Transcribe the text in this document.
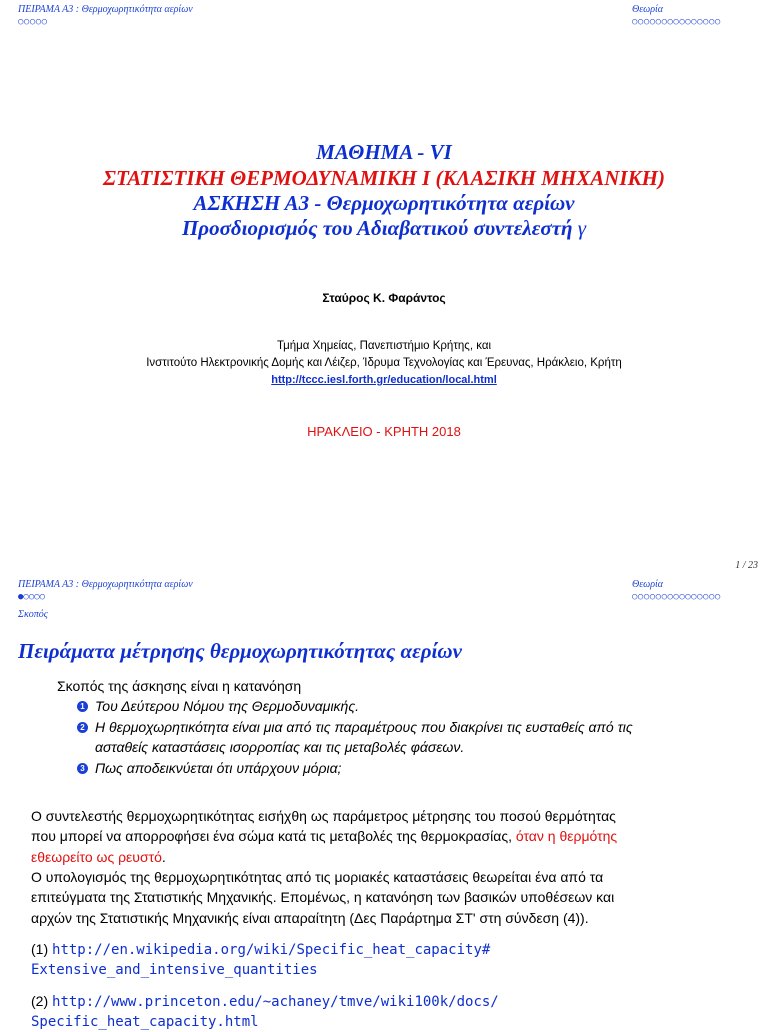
ΠΕΙΡΑΜΑ Α3 : Θερμοχωρητικότητα αερίων
○○○○○
Θεωρία
○○○○○○○○○○○○○○○
ΜΑΘΗΜΑ - VI
ΣΤΑΤΙΣΤΙΚΗ ΘΕΡΜΟΔΥΝΑΜΙΚΗ Ι (ΚΛΑΣΙΚΗ ΜΗΧΑΝΙΚΗ)
ΑΣΚΗΣΗ Α3 - Θερμοχωρητικότητα αερίων
Προσδιορισμός του Αδιαβατικού συντελεστή γ
Σταύρος Κ. Φαράντος
Τμήμα Χημείας, Πανεπιστήμιο Κρήτης, και
Ινστιτούτο Ηλεκτρονικής Δομής και Λέιζερ, Ίδρυμα Τεχνολογίας και Έρευνας, Ηράκλειο, Κρήτη
http://tccc.iesl.forth.gr/education/local.html
ΗΡΑΚΛΕΙΟ - ΚΡΗΤΗ 2018
1 / 23
ΠΕΙΡΑΜΑ Α3 : Θερμοχωρητικότητα αερίων
●○○○○
Θεωρία
○○○○○○○○○○○○○○○
Σκοπός
Πειράματα μέτρησης θερμοχωρητικότητας αερίων
Σκοπός της άσκησης είναι η κατανόηση
1 Του Δεύτερου Νόμου της Θερμοδυναμικής.
2 Η θερμοχωρητικότητα είναι μια από τις παραμέτρους που διακρίνει τις ευσταθείς από τις
ασταθείς καταστάσεις ισορροπίας και τις μεταβολές φάσεων.
3 Πως αποδεικνύεται ότι υπάρχουν μόρια;
Ο συντελεστής θερμοχωρητικότητας εισήχθη ως παράμετρος μέτρησης του ποσού θερμότητας
που μπορεί να απορροφήσει ένα σώμα κατά τις μεταβολές της θερμοκρασίας, όταν η θερμότης
εθεωρείτο ως ρευστό.
Ο υπολογισμός της θερμοχωρητικότητας από τις μοριακές καταστάσεις θεωρείται ένα από τα
επιτεύγματα της Στατιστικής Μηχανικής. Επομένως, η κατανόηση των βασικών υποθέσεων και
αρχών της Στατιστικής Μηχανικής είναι απαραίτητη (Δες Παράρτημα ΣΤ' στη σύνδεση (4)).
(1) http://en.wikipedia.org/wiki/Specific_heat_capacity#
Extensive_and_intensive_quantities
(2) http://www.princeton.edu/~achaney/tmve/wiki100k/docs/
Specific_heat_capacity.html
